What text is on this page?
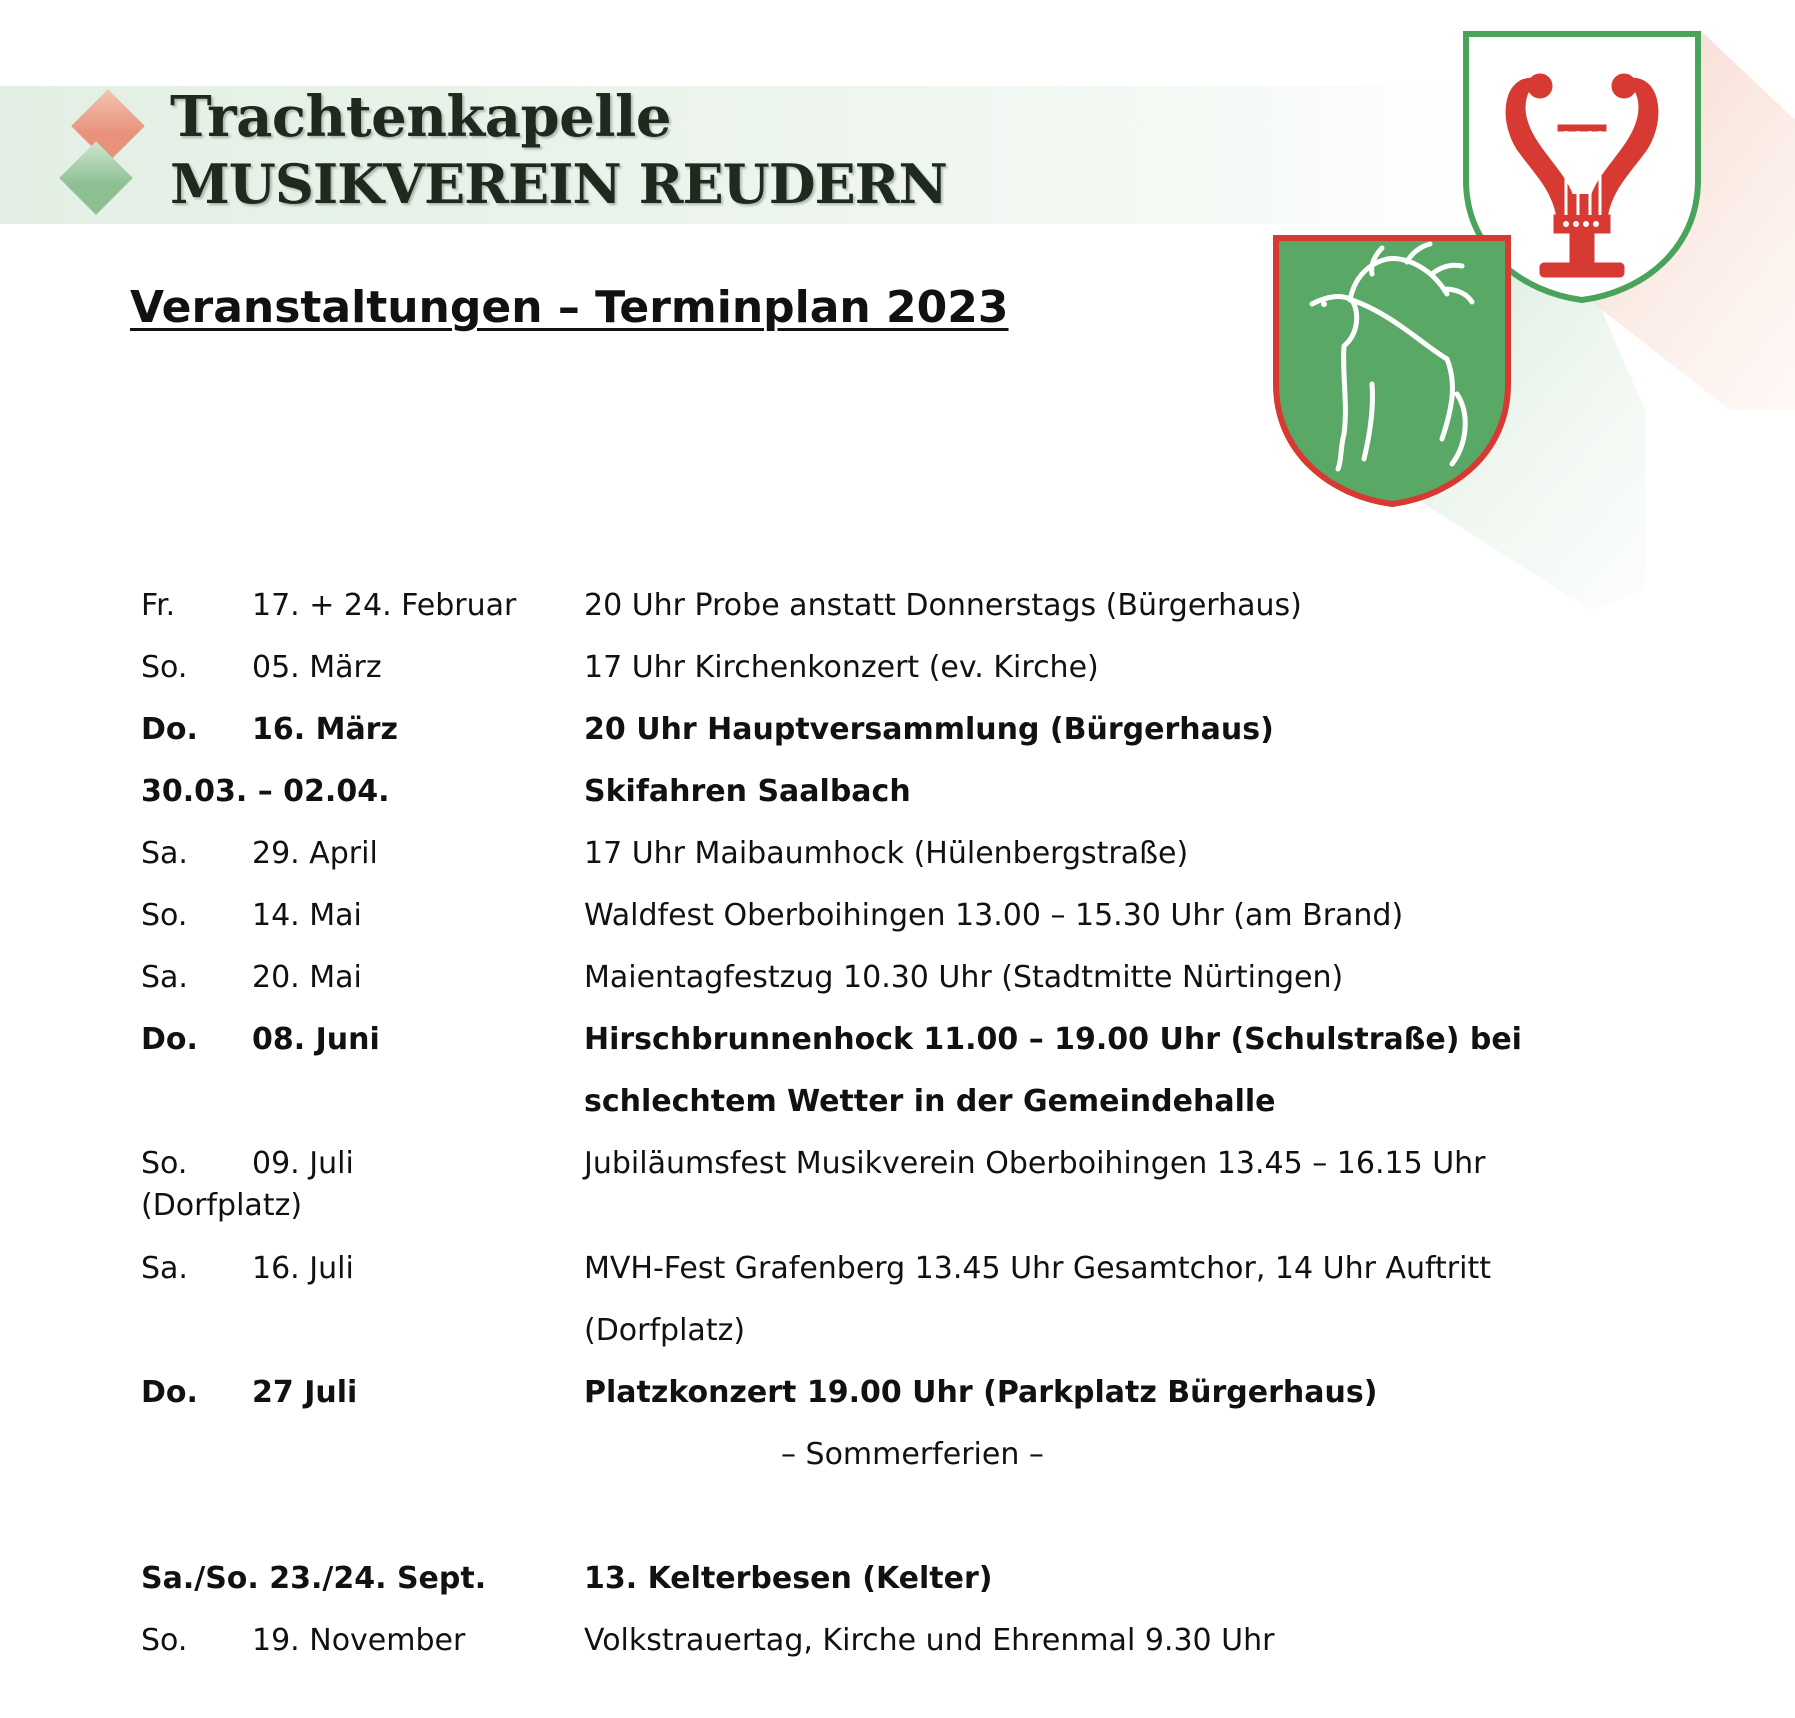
Trachtenkapelle
MUSIKVEREIN REUDERN
Veranstaltungen – Terminplan 2023
Fr.	17. + 24. Februar 20 Uhr Probe anstatt Donnerstags (Bürgerhaus)
So. 05. März	17 Uhr Kirchenkonzert (ev. Kirche)
Do. 16. März	20 Uhr Hauptversammlung (Bürgerhaus)
30.03. – 02.04.	Skifahren Saalbach
Sa. 29. April	17 Uhr Maibaumhock (Hülenbergstraße)
So. 14. Mai	Waldfest Oberboihingen 13.00 – 15.30 Uhr (am Brand)
Sa. 20. Mai	Maientagfestzug 10.30 Uhr (Stadtmitte Nürtingen)
Do. 08. Juni	Hirschbrunnenhock 11.00 – 19.00 Uhr (Schulstraße) bei schlechtem Wetter in der Gemeindehalle
So. 09. Juli	Jubiläumsfest Musikverein Oberboihingen 13.45 – 16.15 Uhr
(Dorfplatz)
Sa. 16. Juli	MVH-Fest Grafenberg 13.45 Uhr Gesamtchor, 14 Uhr Auftritt (Dorfplatz)
Do. 27 Juli	Platzkonzert 19.00 Uhr (Parkplatz Bürgerhaus)
– Sommerferien –
Sa./So. 23./24. Sept.	13. Kelterbesen (Kelter)
So. 19. November	Volkstrauertag, Kirche und Ehrenmal 9.30 Uhr
